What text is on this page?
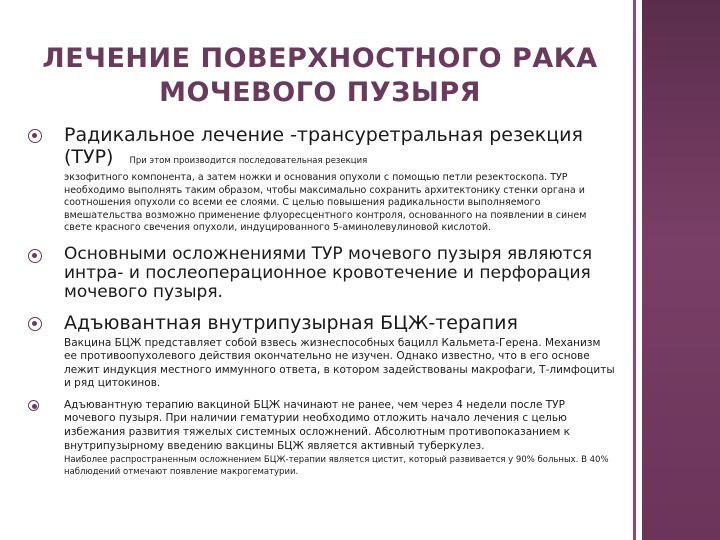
ЛЕЧЕНИЕ ПОВЕРХНОСТНОГО РАКА
МОЧЕВОГО ПУЗЫРЯ

Радикальное лечение -трансуретральная резекция (ТУР) При этом производится последовательная резекция

экзофитного компонента, а затем ножки и основания опухоли с помощью петли резектоскопа. ТУР необходимо выполнять таким образом, чтобы максимально сохранить архитектонику стенки органа и соотношения опухоли со всеми ее слоями. С целью повышения радикальности выполняемого вмешательства возможно применение флуоресцентного контроля, основанного на появлении в синем свете красного свечения опухоли, индуцированного 5-аминолевулиновой кислотой.

Основными осложнениями ТУР мочевого пузыря являются интра- и послеоперационное кровотечение и перфорация мочевого пузыря.

Адъювантная внутрипузырная БЦЖ-терапия

Вакцина БЦЖ представляет собой взвесь жизнеспособных бацилл Кальмета-Герена. Механизм ее противоопухолевого действия окончательно не изучен. Однако известно, что в его основе лежит индукция местного иммунного ответа, в котором задействованы макрофаги, Т-лимфоциты и ряд цитокинов.

Адъювантную терапию вакциной БЦЖ начинают не ранее, чем через 4 недели после ТУР мочевого пузыря. При наличии гематурии необходимо отложить начало лечения с целью избежания развития тяжелых системных осложнений. Абсолютным противопоказанием к внутрипузырному введению вакцины БЦЖ является активный туберкулез.

Наиболее распространенным осложнением БЦЖ-терапии является цистит, который развивается у 90% больных. В 40% наблюдений отмечают появление макрогематурии.
